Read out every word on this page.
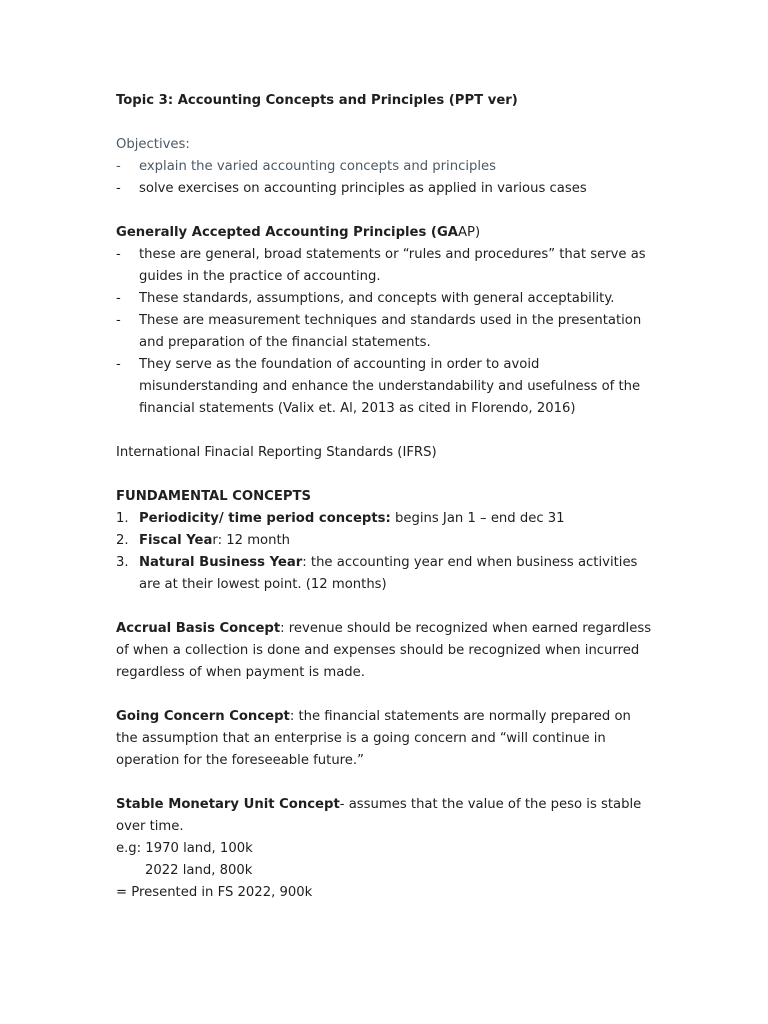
Topic 3: Accounting Concepts and Principles (PPT ver)
Objectives:
- explain the varied accounting concepts and principles
- solve exercises on accounting principles as applied in various cases
Generally Accepted Accounting Principles (GAAP)
- these are general, broad statements or “rules and procedures” that serve as guides in the practice of accounting.
- These standards, assumptions, and concepts with general acceptability.
- These are measurement techniques and standards used in the presentation and preparation of the financial statements.
- They serve as the foundation of accounting in order to avoid misunderstanding and enhance the understandability and usefulness of the financial statements (Valix et. Al, 2013 as cited in Florendo, 2016)
International Finacial Reporting Standards (IFRS)
FUNDAMENTAL CONCEPTS
1. Periodicity/ time period concepts: begins Jan 1 – end dec 31
2. Fiscal Year: 12 month
3. Natural Business Year: the accounting year end when business activities are at their lowest point. (12 months)
Accrual Basis Concept: revenue should be recognized when earned regardless of when a collection is done and expenses should be recognized when incurred regardless of when payment is made.
Going Concern Concept: the financial statements are normally prepared on the assumption that an enterprise is a going concern and “will continue in operation for the foreseeable future.”
Stable Monetary Unit Concept- assumes that the value of the peso is stable over time.
e.g: 1970 land, 100k
2022 land, 800k
= Presented in FS 2022, 900k
